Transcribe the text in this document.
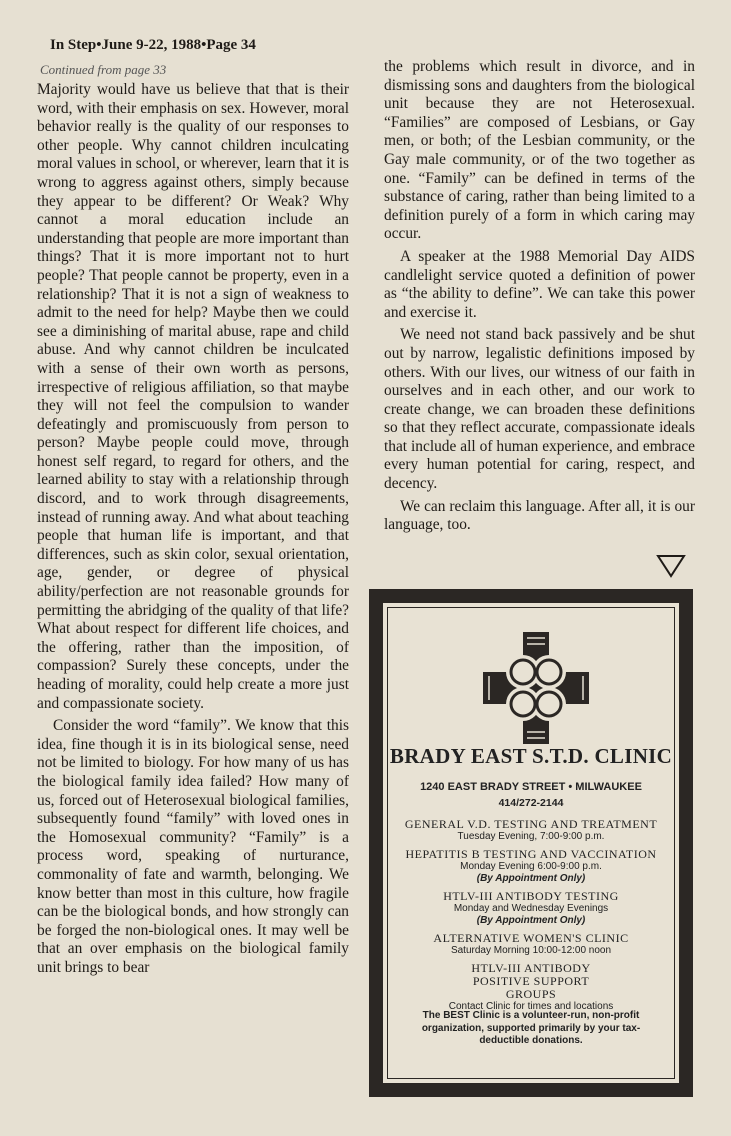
In Step•June 9-22, 1988•Page 34
Continued from page 33

Majority would have us believe that that is their word, with their emphasis on sex. However, moral behavior really is the quality of our responses to other people. Why cannot children inculcating moral values in school, or wherever, learn that it is wrong to aggress against others, simply because they appear to be different? Or Weak? Why cannot a moral education include an understanding that people are more important than things? That it is more important not to hurt people? That people cannot be property, even in a relationship? That it is not a sign of weakness to admit to the need for help? Maybe then we could see a diminishing of marital abuse, rape and child abuse. And why cannot children be inculcated with a sense of their own worth as persons, irrespective of religious affiliation, so that maybe they will not feel the compulsion to wander defeatingly and promiscuously from person to person? Maybe people could move, through honest self regard, to regard for others, and the learned ability to stay with a relationship through discord, and to work through disagreements, instead of running away. And what about teaching people that human life is important, and that differences, such as skin color, sexual orientation, age, gender, or degree of physical ability/perfection are not reasonable grounds for permitting the abridging of the quality of that life? What about respect for different life choices, and the offering, rather than the imposition, of compassion? Surely these concepts, under the heading of morality, could help create a more just and compassionate society.

Consider the word “family”. We know that this idea, fine though it is in its biological sense, need not be limited to biology. For how many of us has the biological family idea failed? How many of us, forced out of Heterosexual biological families, subsequently found “family” with loved ones in the Homosexual community? “Family” is a process word, speaking of nurturance, commonality of fate and warmth, belonging. We know better than most in this culture, how fragile can be the biological bonds, and how strongly can be forged the non-biological ones. It may well be that an over emphasis on the biological family unit brings to bear

the problems which result in divorce, and in dismissing sons and daughters from the biological unit because they are not Heterosexual. “Families” are composed of Lesbians, or Gay men, or both; of the Lesbian community, or the Gay male community, or of the two together as one. “Family” can be defined in terms of the substance of caring, rather than being limited to a definition purely of a form in which caring may occur.

A speaker at the 1988 Memorial Day AIDS candlelight service quoted a definition of power as “the ability to define”. We can take this power and exercise it.

We need not stand back passively and be shut out by narrow, legalistic definitions imposed by others. With our lives, our witness of our faith in ourselves and in each other, and our work to create change, we can broaden these definitions so that they reflect accurate, compassionate ideals that include all of human experience, and embrace every human potential for caring, respect, and decency.

We can reclaim this language. After all, it is our language, too.

BRADY EAST S.T.D. CLINIC
1240 EAST BRADY STREET • MILWAUKEE
414/272-2144
GENERAL V.D. TESTING AND TREATMENT
Tuesday Evening, 7:00-9:00 p.m.
HEPATITIS B TESTING AND VACCINATION
Monday Evening 6:00-9:00 p.m.
(By Appointment Only)
HTLV-III ANTIBODY TESTING
Monday and Wednesday Evenings
(By Appointment Only)
ALTERNATIVE WOMEN'S CLINIC
Saturday Morning 10:00-12:00 noon
HTLV-III ANTIBODY POSITIVE SUPPORT GROUPS
Contact Clinic for times and locations
The BEST Clinic is a volunteer-run, non-profit organization, supported primarily by your tax-deductible donations.
